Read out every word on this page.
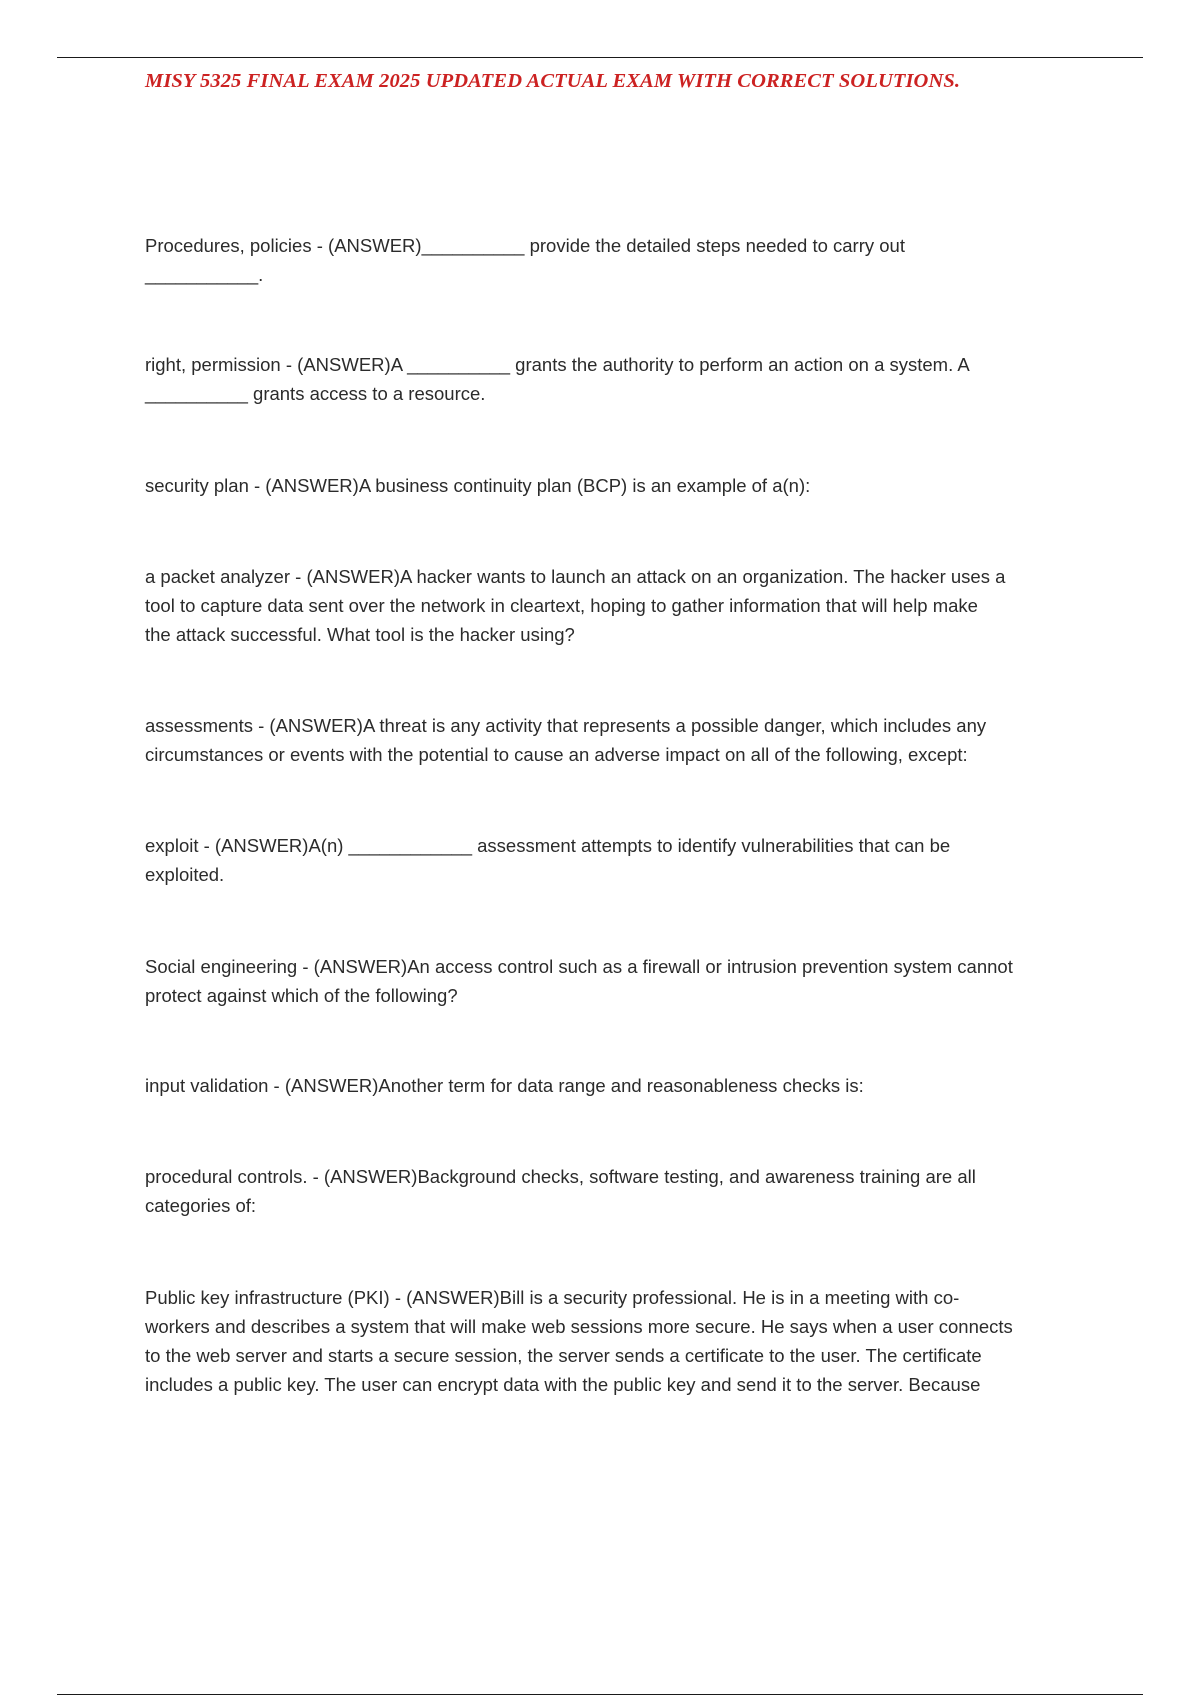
MISY 5325 FINAL EXAM 2025 UPDATED ACTUAL EXAM WITH CORRECT SOLUTIONS.

Procedures, policies - (ANSWER)__________ provide the detailed steps needed to carry out
___________.

right, permission - (ANSWER)A __________ grants the authority to perform an action on a system. A
__________ grants access to a resource.

security plan - (ANSWER)A business continuity plan (BCP) is an example of a(n):

a packet analyzer - (ANSWER)A hacker wants to launch an attack on an organization. The hacker uses a
tool to capture data sent over the network in cleartext, hoping to gather information that will help make
the attack successful. What tool is the hacker using?

assessments - (ANSWER)A threat is any activity that represents a possible danger, which includes any
circumstances or events with the potential to cause an adverse impact on all of the following, except:

exploit - (ANSWER)A(n) ____________ assessment attempts to identify vulnerabilities that can be
exploited.

Social engineering - (ANSWER)An access control such as a firewall or intrusion prevention system cannot
protect against which of the following?

input validation - (ANSWER)Another term for data range and reasonableness checks is:

procedural controls. - (ANSWER)Background checks, software testing, and awareness training are all
categories of:

Public key infrastructure (PKI) - (ANSWER)Bill is a security professional. He is in a meeting with co-
workers and describes a system that will make web sessions more secure. He says when a user connects
to the web server and starts a secure session, the server sends a certificate to the user. The certificate
includes a public key. The user can encrypt data with the public key and send it to the server. Because
